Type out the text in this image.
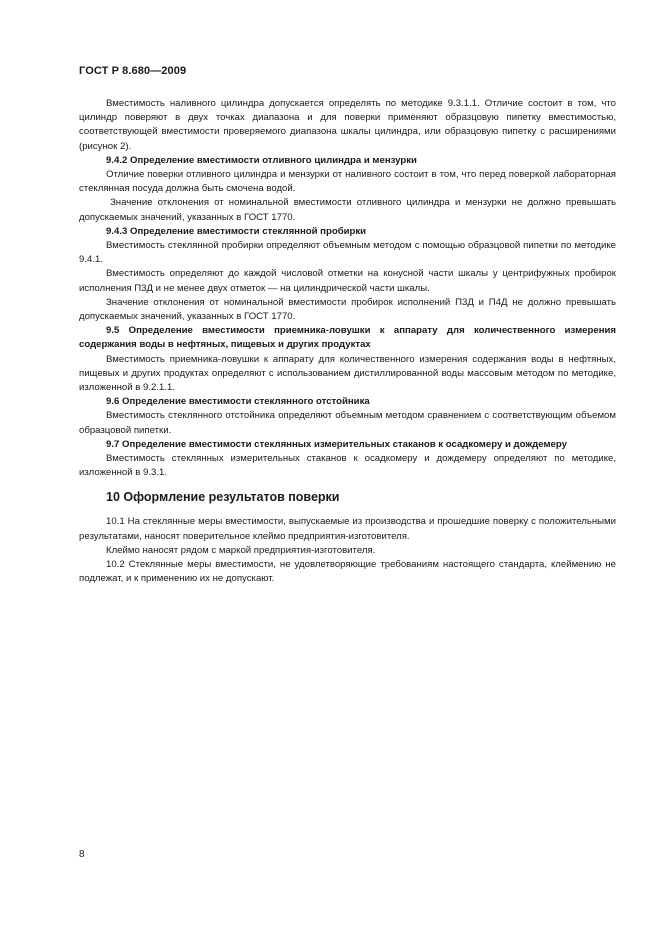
ГОСТ Р 8.680—2009

Вместимость наливного цилиндра допускается определять по методике 9.3.1.1. Отличие состоит в том, что цилиндр поверяют в двух точках диапазона и для поверки применяют образцовую пипетку вместимостью, соответствующей вместимости проверяемого диапазона шкалы цилиндра, или образцовую пипетку с расширениями (рисунок 2).

9.4.2 Определение вместимости отливного цилиндра и мензурки

Отличие поверки отливного цилиндра и мензурки от наливного состоит в том, что перед поверкой лабораторная стеклянная посуда должна быть смочена водой.

Значение отклонения от номинальной вместимости отливного цилиндра и мензурки не должно превышать допускаемых значений, указанных в ГОСТ 1770.

9.4.3 Определение вместимости стеклянной пробирки

Вместимость стеклянной пробирки определяют объемным методом с помощью образцовой пипетки по методике 9.4.1.

Вместимость определяют до каждой числовой отметки на конусной части шкалы у центрифужных пробирок исполнения П3Д и не менее двух отметок — на цилиндрической части шкалы.

Значение отклонения от номинальной вместимости пробирок исполнений П3Д и П4Д не должно превышать допускаемых значений, указанных в ГОСТ 1770.

9.5 Определение вместимости приемника-ловушки к аппарату для количественного измерения содержания воды в нефтяных, пищевых и других продуктах

Вместимость приемника-ловушки к аппарату для количественного измерения содержания воды в нефтяных, пищевых и других продуктах определяют с использованием дистиллированной воды массовым методом по методике, изложенной в 9.2.1.1.

9.6 Определение вместимости стеклянного отстойника

Вместимость стеклянного отстойника определяют объемным методом сравнением с соответствующим объемом образцовой пипетки.

9.7 Определение вместимости стеклянных измерительных стаканов к осадкомеру и дождемеру

Вместимость стеклянных измерительных стаканов к осадкомеру и дождемеру определяют по методике, изложенной в 9.3.1.

10 Оформление результатов поверки

10.1 На стеклянные меры вместимости, выпускаемые из производства и прошедшие поверку с положительными результатами, наносят поверительное клеймо предприятия-изготовителя.

Клеймо наносят рядом с маркой предприятия-изготовителя.

10.2 Стеклянные меры вместимости, не удовлетворяющие требованиям настоящего стандарта, клеймению не подлежат, и к применению их не допускают.

8
